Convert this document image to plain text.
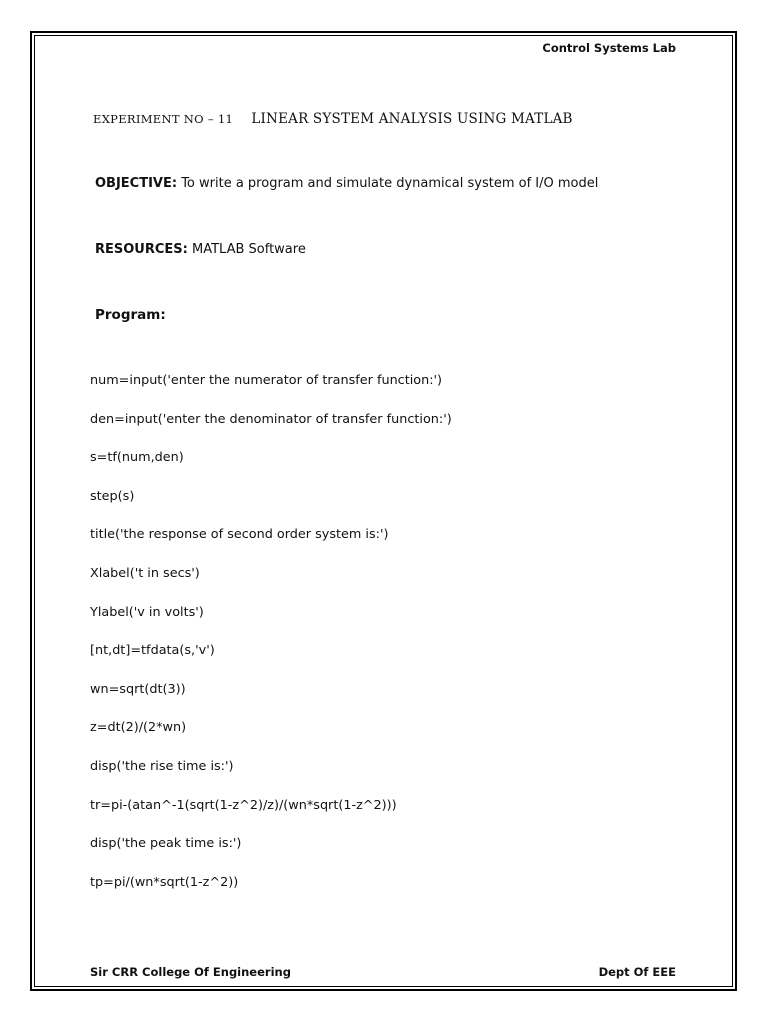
Control Systems Lab
EXPERIMENT NO – 11 LINEAR SYSTEM ANALYSIS USING MATLAB
OBJECTIVE: To write a program and simulate dynamical system of I/O model
RESOURCES: MATLAB Software
Program:
num=input('enter the numerator of transfer function:')
den=input('enter the denominator of transfer function:')
s=tf(num,den)
step(s)
title('the response of second order system is:')
Xlabel('t in secs')
Ylabel('v in volts')
[nt,dt]=tfdata(s,'v')
wn=sqrt(dt(3))
z=dt(2)/(2*wn)
disp('the rise time is:')
tr=pi-(atan^-1(sqrt(1-z^2)/z)/(wn*sqrt(1-z^2)))
disp('the peak time is:')
tp=pi/(wn*sqrt(1-z^2))
Sir CRR College Of Engineering	Dept Of EEE
